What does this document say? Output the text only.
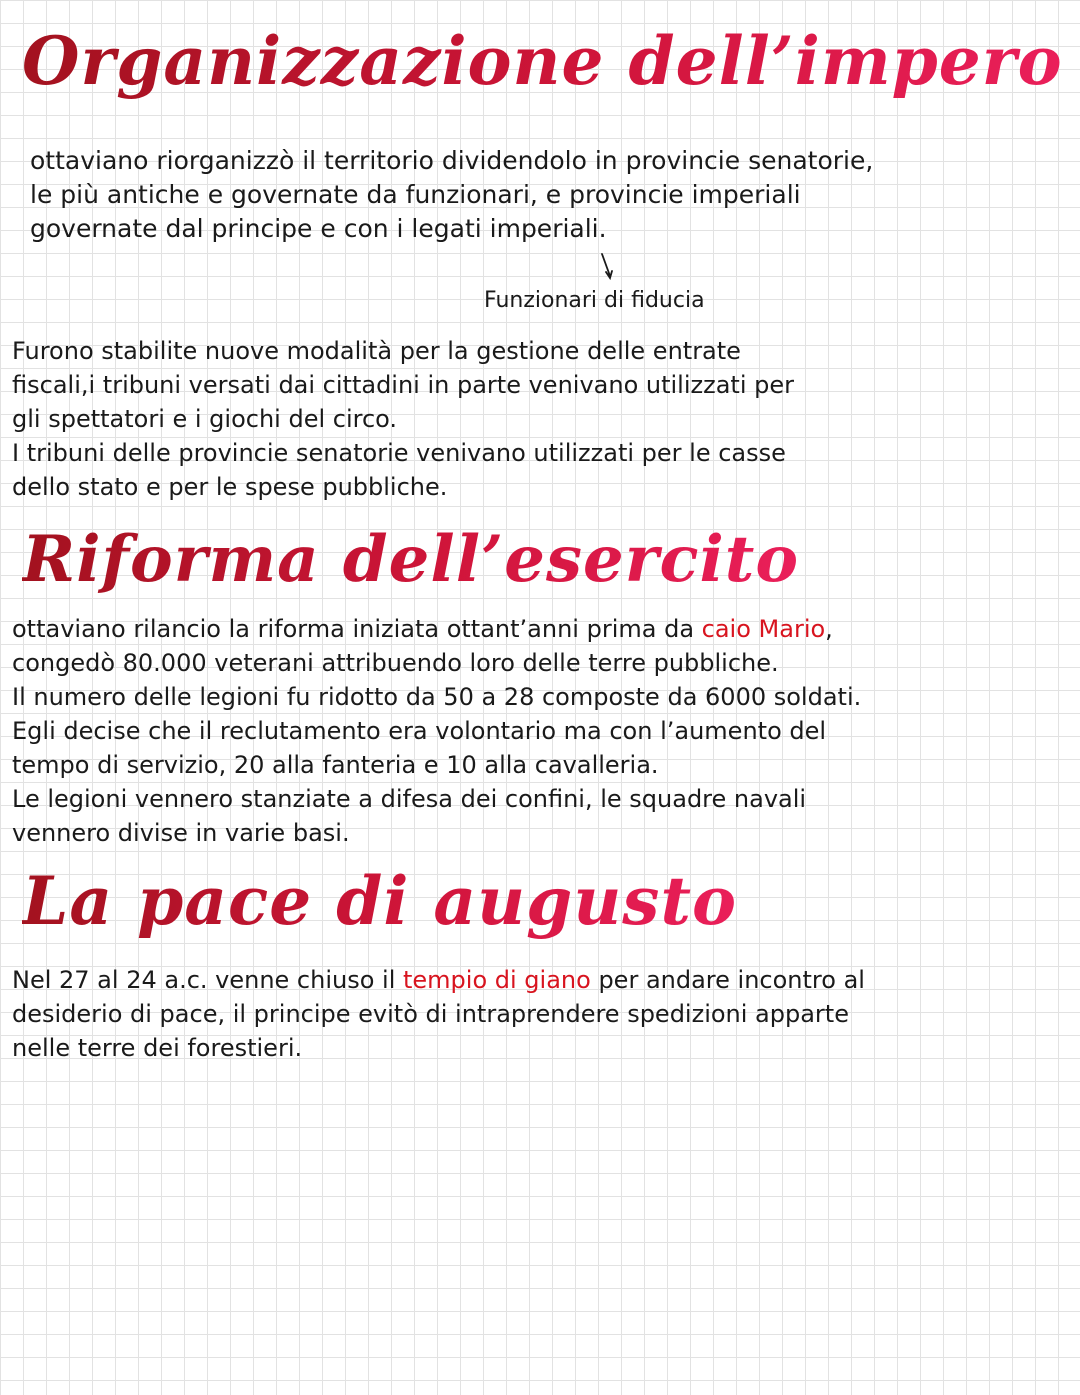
Organizzazione dell’impero
ottaviano riorganizzò il territorio dividendolo in provincie senatorie,
le più antiche e governate da funzionari, e provincie imperiali
governate dal principe e con i legati imperiali.

Funzionari di fiducia

Furono stabilite nuove modalità per la gestione delle entrate
fiscali,i tribuni versati dai cittadini in parte venivano utilizzati per
gli spettatori e i giochi del circo.
I tribuni delle provincie senatorie venivano utilizzati per le casse
dello stato e per le spese pubbliche.
Riforma dell’esercito
ottaviano rilancio la riforma iniziata ottant’anni prima da caio Mario,
congedò 80.000 veterani attribuendo loro delle terre pubbliche.
Il numero delle legioni fu ridotto da 50 a 28 composte da 6000 soldati.
Egli decise che il reclutamento era volontario ma con l’aumento del
tempo di servizio, 20 alla fanteria e 10 alla cavalleria.
Le legioni vennero stanziate a difesa dei confini, le squadre navali
vennero divise in varie basi.
La pace di augusto
Nel 27 al 24 a.c. venne chiuso il tempio di giano per andare incontro al
desiderio di pace, il principe evitò di intraprendere spedizioni apparte
nelle terre dei forestieri.
